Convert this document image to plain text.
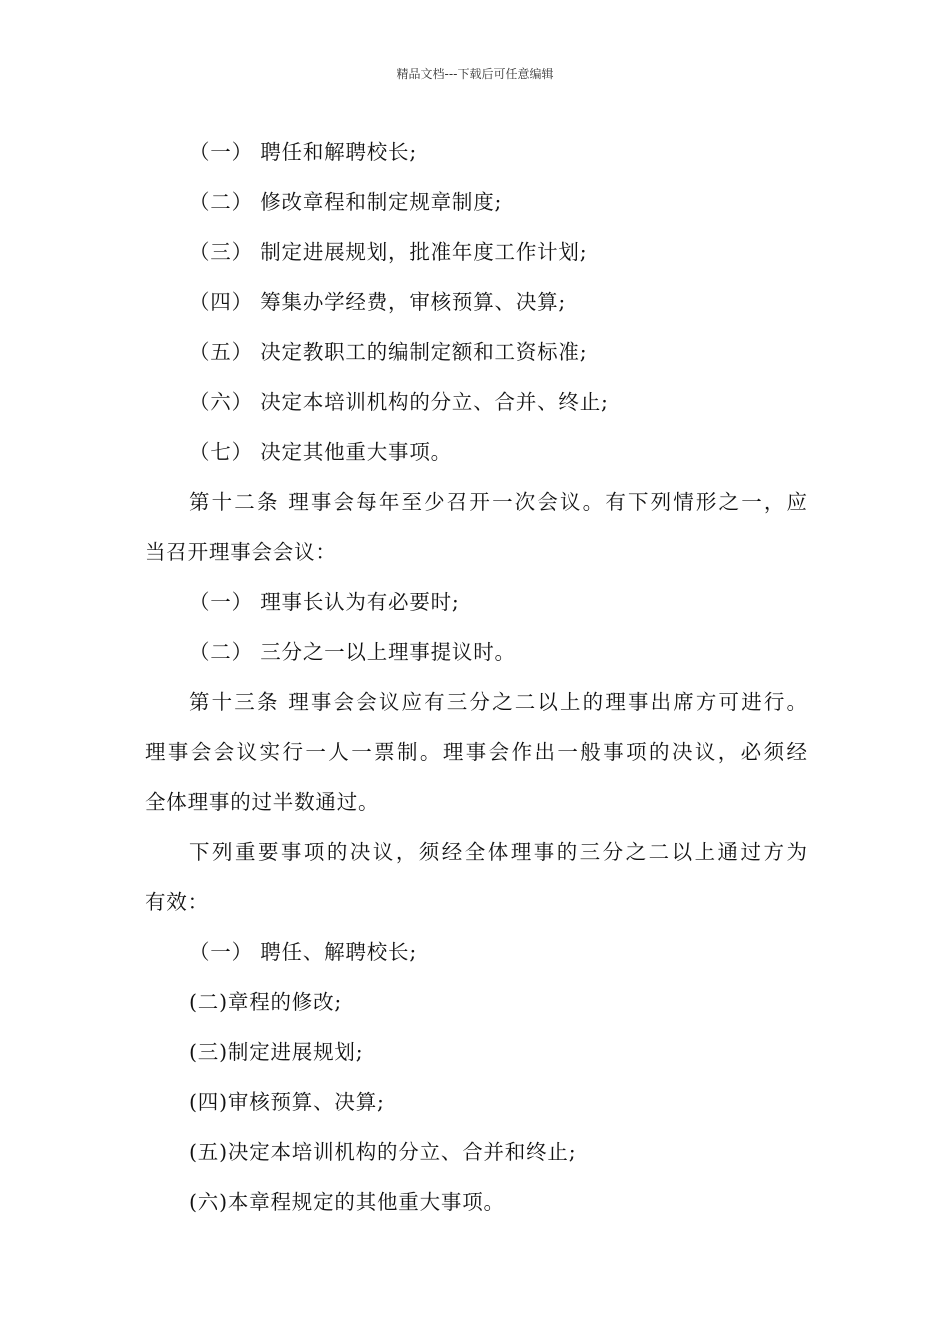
精品文档---下载后可任意编辑
（一） 聘任和解聘校长;
（二） 修改章程和制定规章制度;
（三） 制定进展规划，批准年度工作计划;
（四） 筹集办学经费，审核预算、决算;
（五） 决定教职工的编制定额和工资标准;
（六） 决定本培训机构的分立、合并、终止;
（七） 决定其他重大事项。
第十二条 理事会每年至少召开一次会议。有下列情形之一，应
当召开理事会会议：
（一） 理事长认为有必要时;
（二） 三分之一以上理事提议时。
第十三条 理事会会议应有三分之二以上的理事出席方可进行。
理事会会议实行一人一票制。理事会作出一般事项的决议，必须经
全体理事的过半数通过。
下列重要事项的决议，须经全体理事的三分之二以上通过方为
有效：
（一） 聘任、解聘校长;
(二)章程的修改;
(三)制定进展规划;
(四)审核预算、决算;
(五)决定本培训机构的分立、合并和终止;
(六)本章程规定的其他重大事项。
